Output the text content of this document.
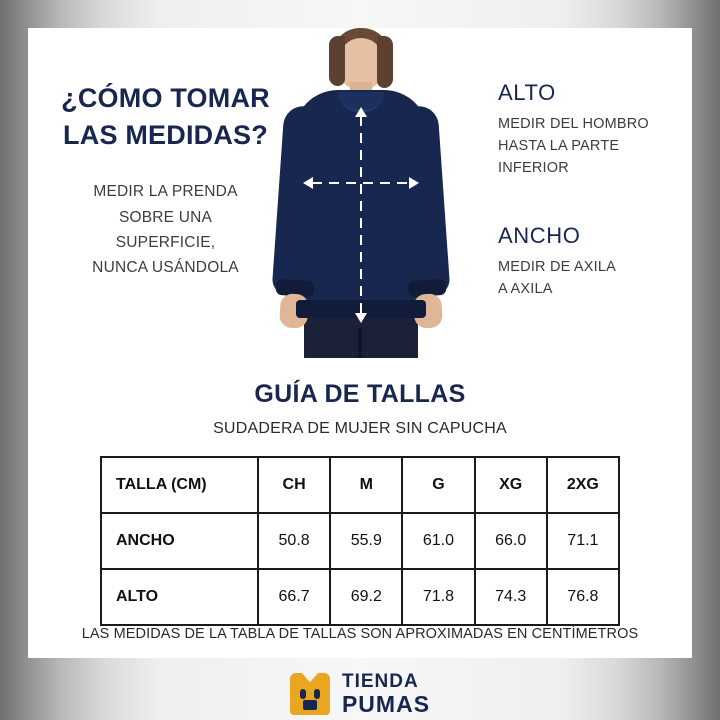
¿CÓMO TOMAR
LAS MEDIDAS?
MEDIR LA PRENDA
SOBRE UNA
SUPERFICIE,
NUNCA USÁNDOLA
ALTO
MEDIR DEL HOMBRO
HASTA LA PARTE
INFERIOR
ANCHO
MEDIR DE AXILA
A AXILA
GUÍA DE TALLAS
SUDADERA DE MUJER SIN CAPUCHA
TALLA (CM)	CH	M	G	XG	2XG
ANCHO	50.8	55.9	61.0	66.0	71.1
ALTO	66.7	69.2	71.8	74.3	76.8
LAS MEDIDAS DE LA TABLA DE TALLAS SON APROXIMADAS EN CENTÍMETROS
TIENDA
PUMAS
